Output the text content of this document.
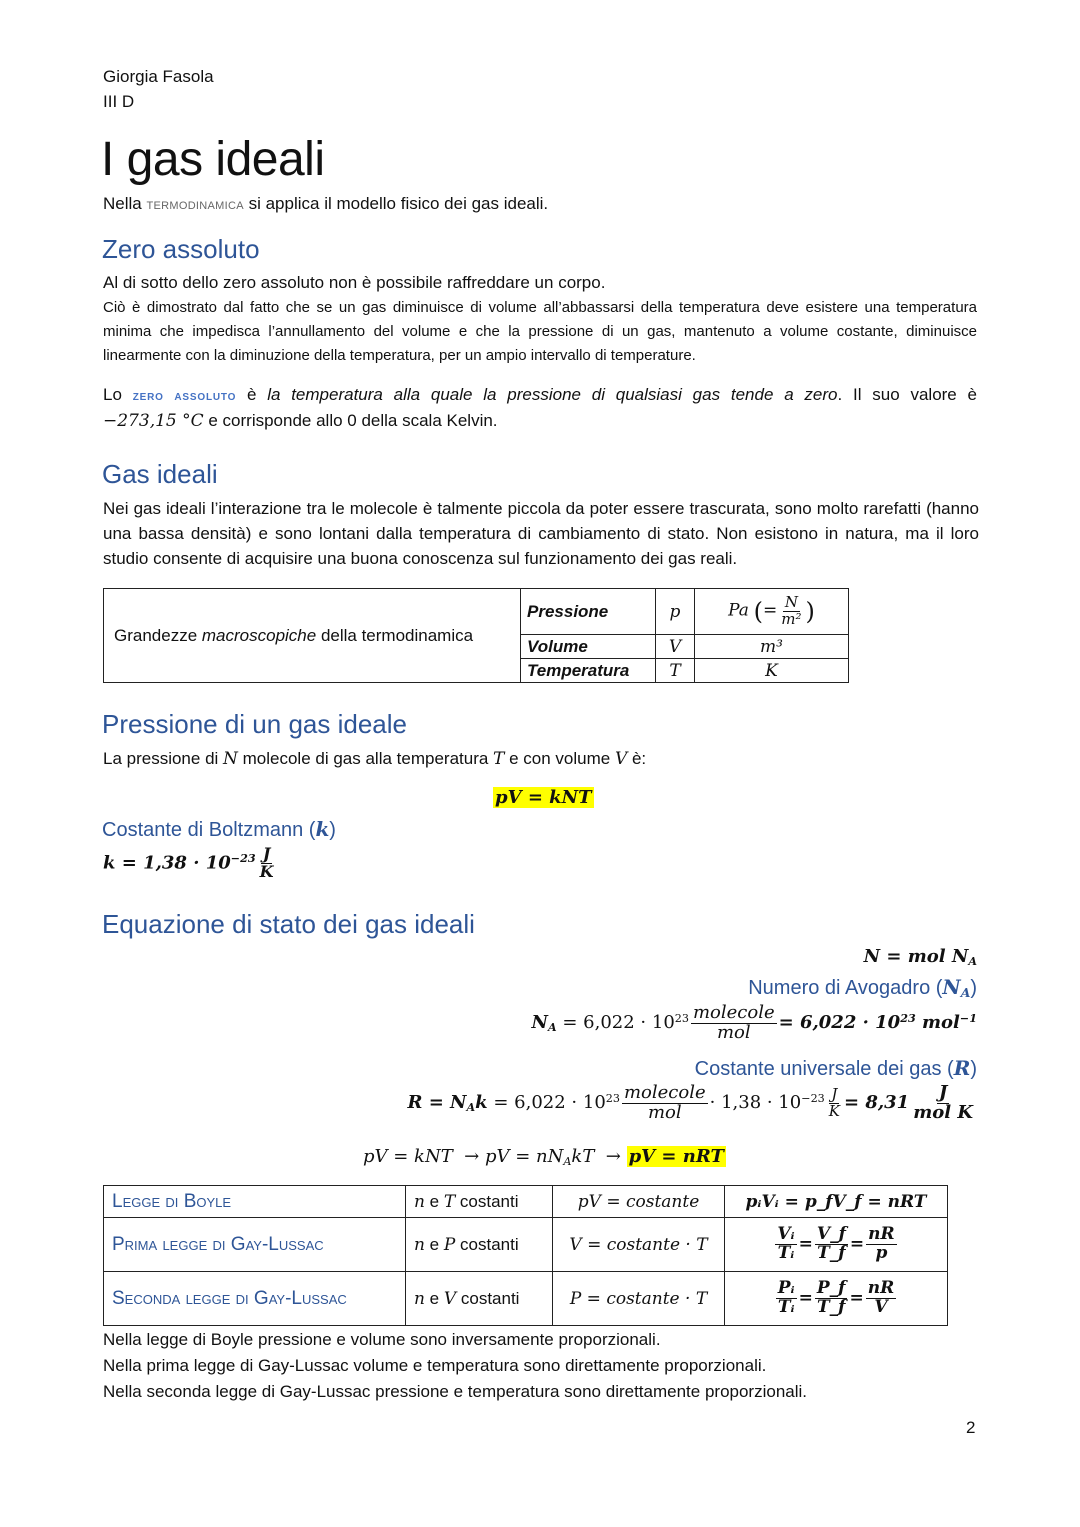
Giorgia Fasola
III D
I gas ideali
Nella termodinamica si applica il modello fisico dei gas ideali.
Zero assoluto
Al di sotto dello zero assoluto non è possibile raffreddare un corpo.
Ciò è dimostrato dal fatto che se un gas diminuisce di volume all’abbassarsi della temperatura deve esistere una temperatura minima che impedisca l’annullamento del volume e che la pressione di un gas, mantenuto a volume costante, diminuisce linearmente con la diminuzione della temperatura, per un ampio intervallo di temperature.
Lo zero assoluto è la temperatura alla quale la pressione di qualsiasi gas tende a zero. Il suo valore è
−273,15 °C e corrisponde allo 0 della scala Kelvin.
Gas ideali
Nei gas ideali l’interazione tra le molecole è talmente piccola da poter essere trascurata, sono molto rarefatti (hanno una bassa densità) e sono lontani dalla temperatura di cambiamento di stato. Non esistono in natura, ma il loro studio consente di acquisire una buona conoscenza sul funzionamento dei gas reali.
Grandezze macroscopiche della termodinamica	Pressione	p	Pa (= $\frac{N}{\text{m²}}$ )
	Volume	V	m³
	Temperatura	T	K
Pressione di un gas ideale
La pressione di N molecole di gas alla temperatura T e con volume V è:
pV = kNT
Costante di Boltzmann (k)
$k = 1,38 \cdot 10^{-23} \frac{J}{K}$
Equazione di stato dei gas ideali
N = mol $N_A$
Numero di Avogadro $(N_A)$
$N_A = 6,022 \cdot 10^{23} \frac{\text{molecole}}{\text{mol}} = 6,022 \cdot 10^{23}$ mol$^{-1}$
Costante universale dei gas (R)
$R = N_Ak = 6,022 \cdot 10^{23} \frac{\text{molecole}}{\text{mol}} \cdot 1,38 \cdot 10^{-23} \frac{J}{K} = 8,31 \frac{J}{\text{mol K}}$
pV = kNT  → pV = $nN_AkT$  → pV = nRT
Legge di Boyle	n e T costanti	pV = costante	pᵢVᵢ = p_fV_f = nRT
Prima legge di Gay-Lussac	n e P costanti	V = costante · T	$\frac{\text{Vᵢ}}{\text{Tᵢ}} = \frac{V\_f}{T\_f} = \frac{nR}{p}$

Seconda legge di Gay-Lussac	n e V costanti	P = costante · T	$\frac{\text{Pᵢ}}{\text{Tᵢ}} = \frac{P\_f}{T\_f} = \frac{nR}{V}$
Nella legge di Boyle pressione e volume sono inversamente proporzionali.
Nella prima legge di Gay-Lussac volume e temperatura sono direttamente proporzionali.
Nella seconda legge di Gay-Lussac pressione e temperatura sono direttamente proporzionali.
2
